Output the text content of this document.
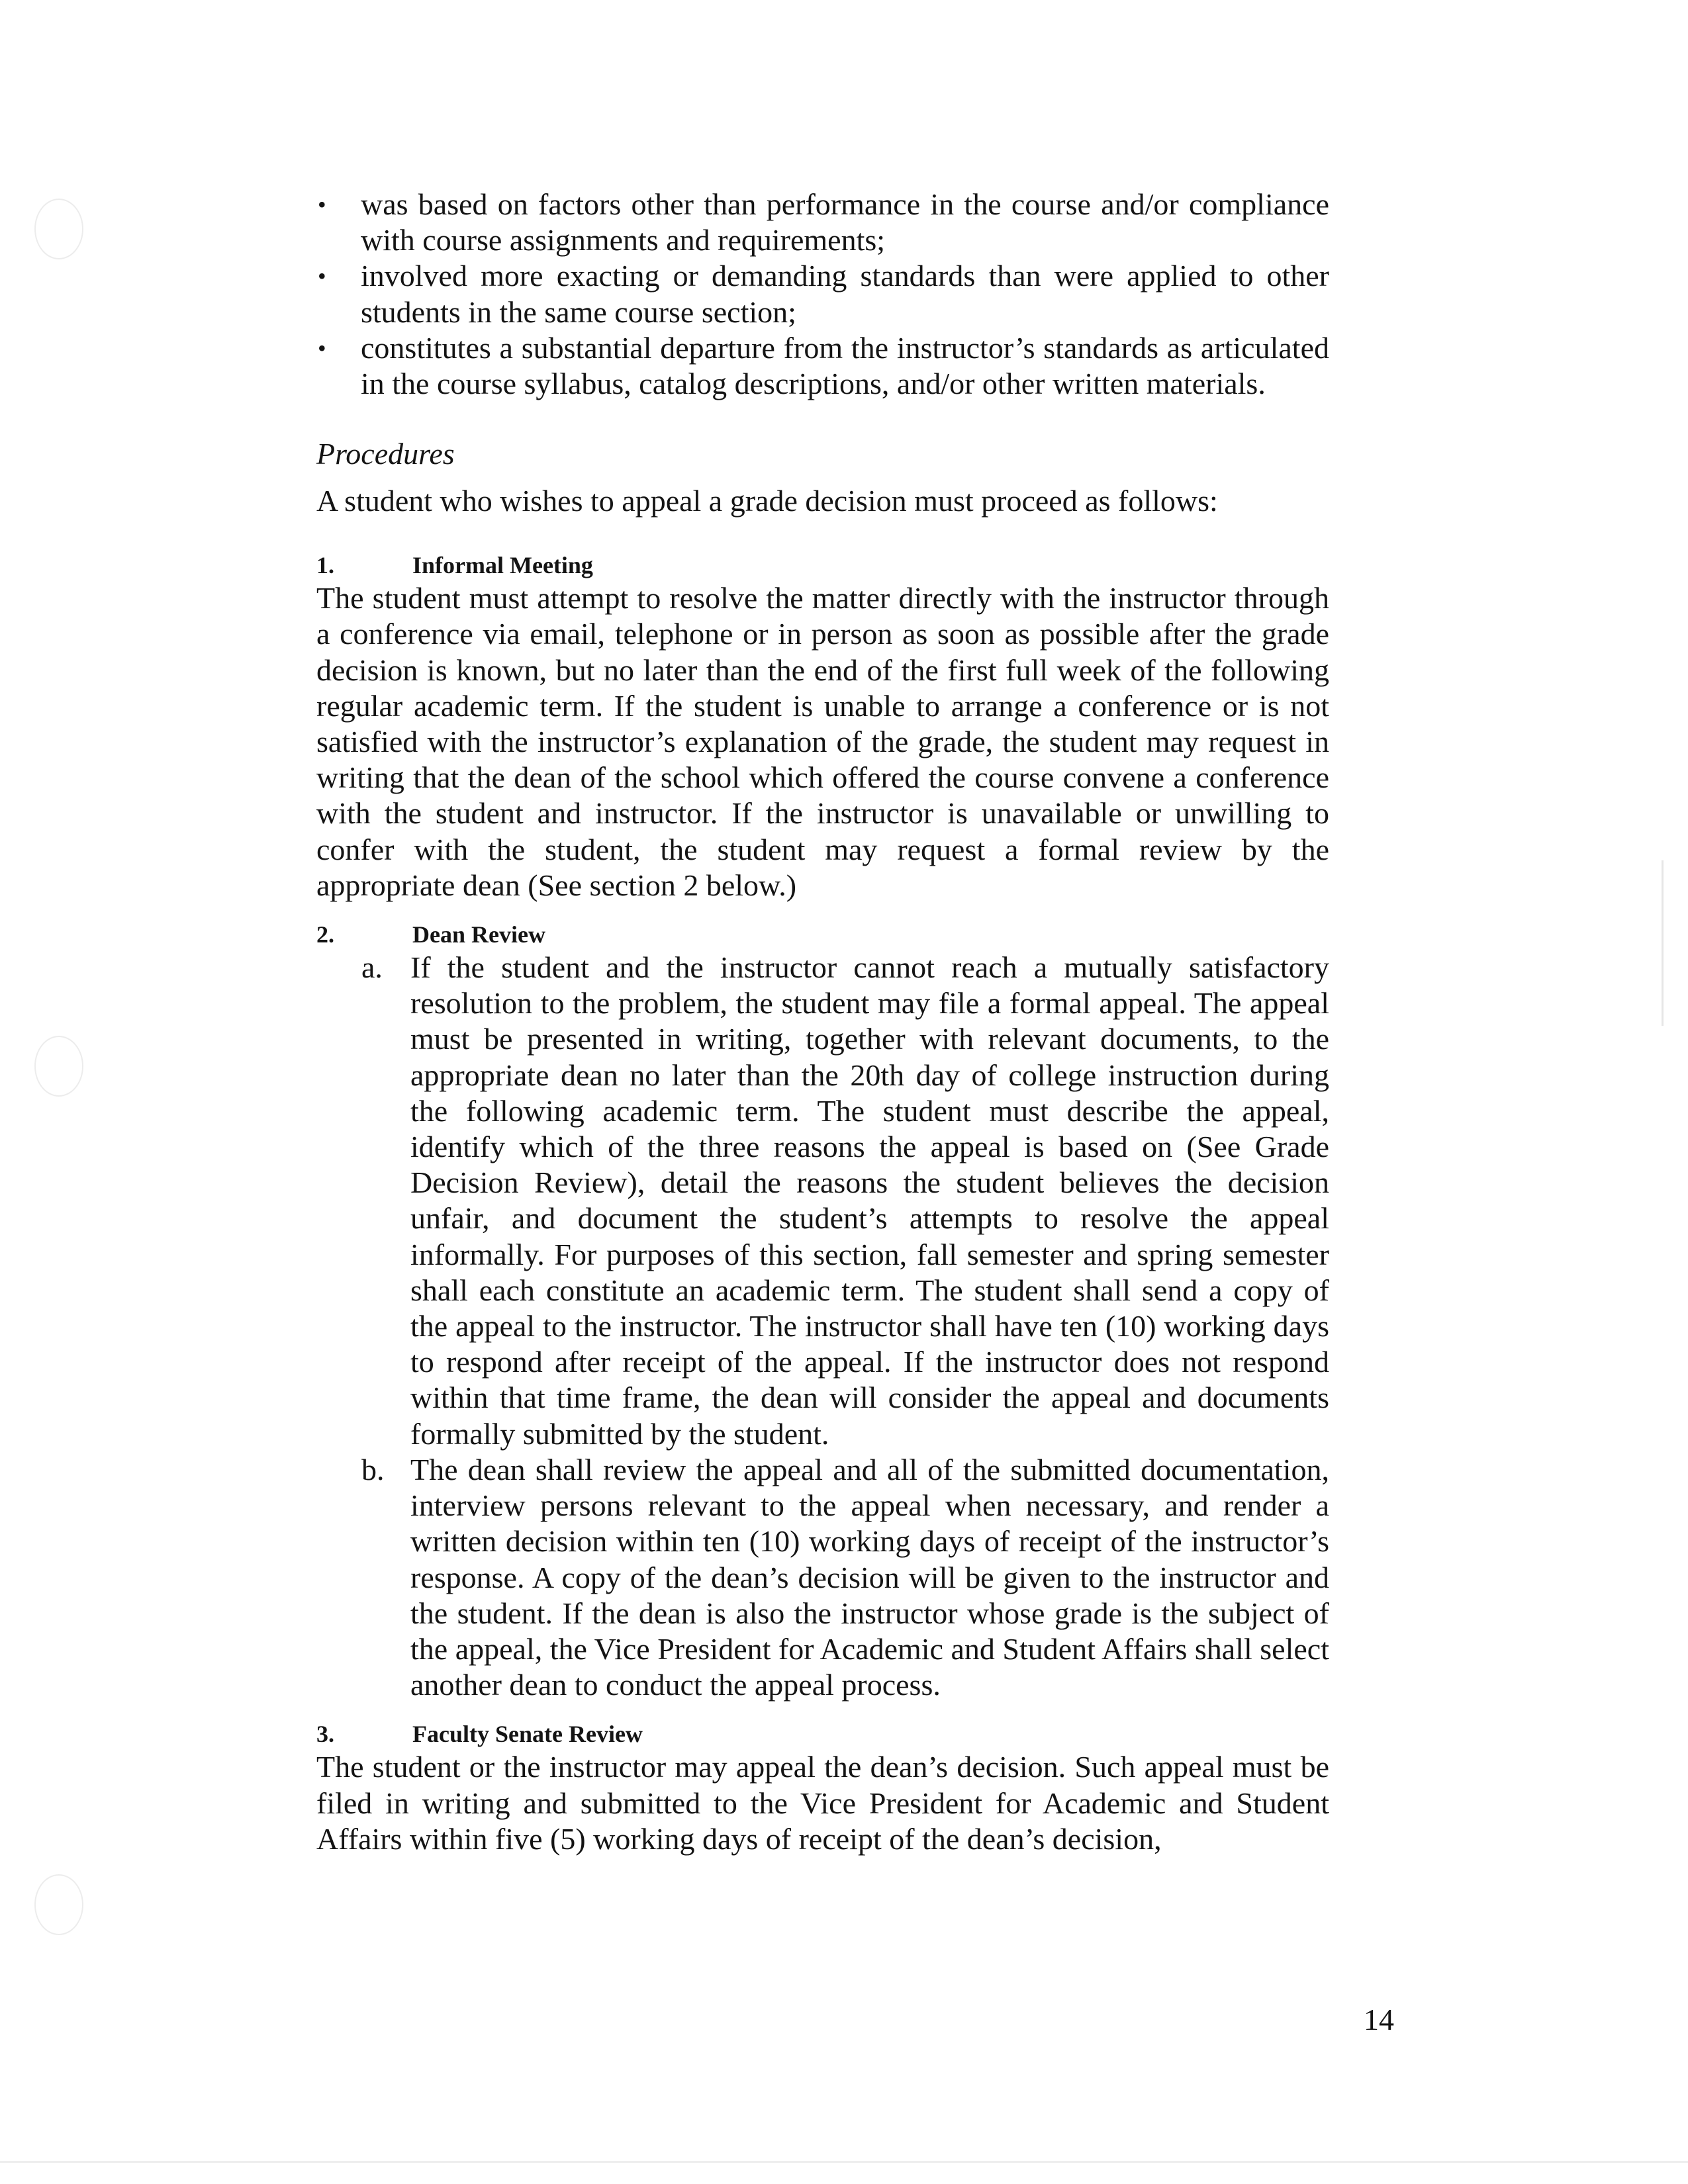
• was based on factors other than performance in the course and/or compliance with course assignments and requirements;
• involved more exacting or demanding standards than were applied to other students in the same course section;
• constitutes a substantial departure from the instructor’s standards as articulated in the course syllabus, catalog descriptions, and/or other written materials.
Procedures

A student who wishes to appeal a grade decision must proceed as follows:

1.	Informal Meeting

The student must attempt to resolve the matter directly with the instructor through a conference via email, telephone or in person as soon as possible after the grade decision is known, but no later than the end of the first full week of the following regular academic term. If the student is unable to arrange a conference or is not satisfied with the instructor’s explanation of the grade, the student may request in writing that the dean of the school which offered the course convene a conference with the student and instructor. If the instructor is unavailable or unwilling to confer with the student, the student may request a formal review by the appropriate dean (See section 2 below.)

2.	Dean Review
a. If the student and the instructor cannot reach a mutually satisfactory resolution to the problem, the student may file a formal appeal. The appeal must be presented in writing, together with relevant documents, to the appropriate dean no later than the 20th day of college instruction during the following academic term. The student must describe the appeal, identify which of the three reasons the appeal is based on (See Grade Decision Review), detail the reasons the student believes the decision unfair, and document the student’s attempts to resolve the appeal informally. For purposes of this section, fall semester and spring semester shall each constitute an academic term. The student shall send a copy of the appeal to the instructor. The instructor shall have ten (10) working days to respond after receipt of the appeal. If the instructor does not respond within that time frame, the dean will consider the appeal and documents formally submitted by the student.
b. The dean shall review the appeal and all of the submitted documentation, interview persons relevant to the appeal when necessary, and render a written decision within ten (10) working days of receipt of the instructor’s response. A copy of the dean’s decision will be given to the instructor and the student. If the dean is also the instructor whose grade is the subject of the appeal, the Vice President for Academic and Student Affairs shall select another dean to conduct the appeal process.
3.	Faculty Senate Review

The student or the instructor may appeal the dean’s decision. Such appeal must be filed in writing and submitted to the Vice President for Academic and Student Affairs within five (5) working days of receipt of the dean’s decision,

14
